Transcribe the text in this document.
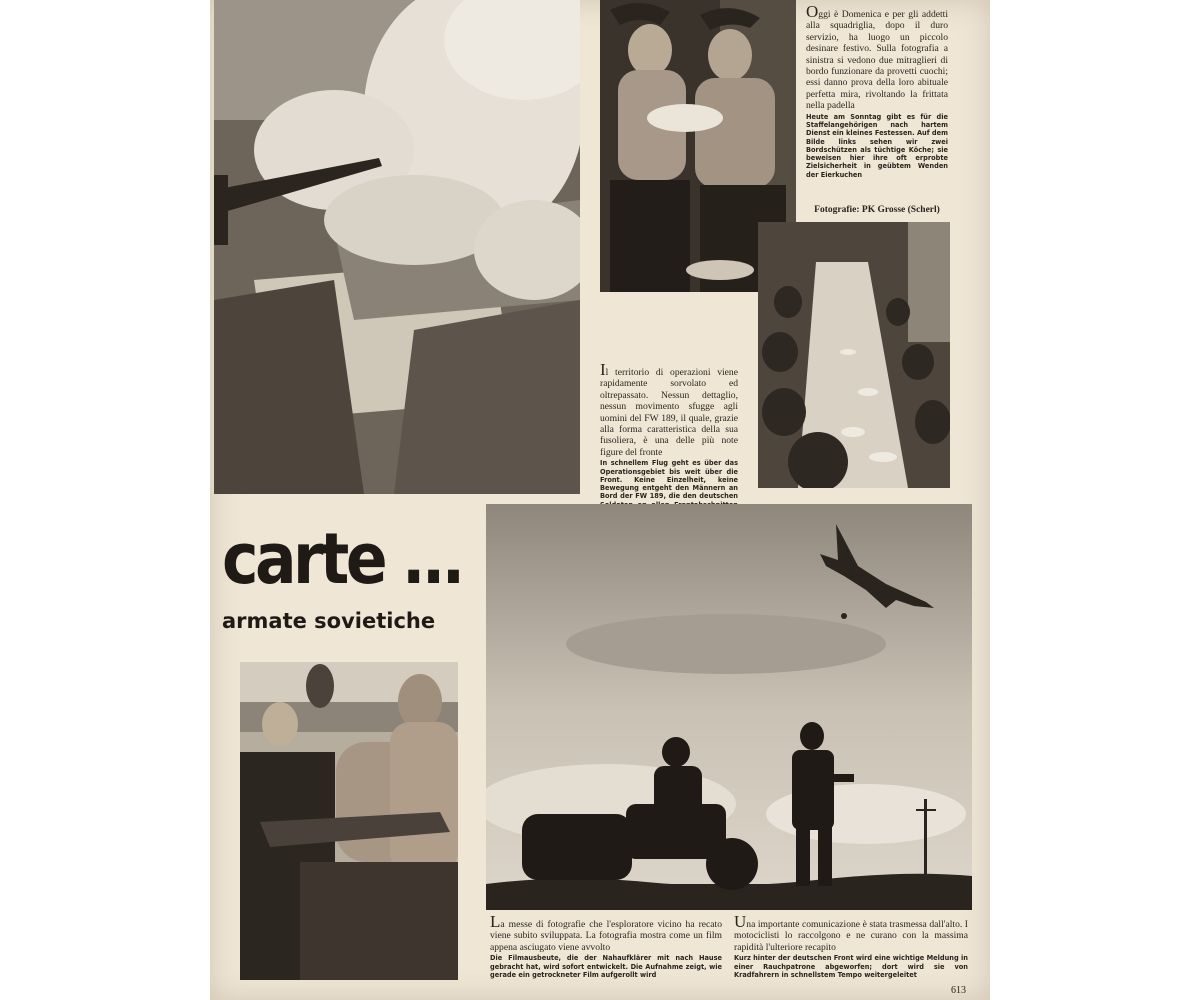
Oggi è Domenica e per gli addetti alla squadriglia, dopo il duro servizio, ha luogo un piccolo desinare festivo. Sulla fotografia a sinistra si vedono due mitraglieri di bordo funzionare da provetti cuochi; essi danno prova della loro abituale perfetta mira, rivoltando la frittata nella padella
Heute am Sonntag gibt es für die Staffelangehörigen nach hartem Dienst ein kleines Festessen. Auf dem Bilde links sehen wir zwei Bordschützen als tüchtige Köche; sie beweisen hier ihre oft erprobte Zielsicherheit in geübtem Wenden der Eierkuchen
Fotografie: PK Grosse (Scherl)
Il territorio di operazioni viene rapidamente sorvolato ed oltrepassato. Nessun dettaglio, nessun movimento sfugge agli uomini del FW 189, il quale, grazie alla forma caratteristica della sua fusoliera, è una delle più note figure del fronte
In schnellem Flug geht es über das Operationsgebiet bis weit über die Front. Keine Einzelheit, keine Bewegung entgeht den Männern an Bord der FW 189, die den deutschen
carte ...
armate sovietiche
La messe di fotografie che l'esploratore vicino ha recato viene subito sviluppata. La fotografia mostra come un film appena asciugato viene avvolto
Die Filmausbeute, die der Nahaufklärer mit nach Hause gebracht hat, wird sofort entwickelt. Die Aufnahme zeigt, wie gerade ein getrockneter Film aufgerollt wird
Una importante comunicazione è stata trasmessa dall'alto. I motociclisti lo raccolgono e ne curano con la massima rapidità l'ulteriore recapito
Kurz hinter der deutschen Front wird eine wichtige Meldung in einer Rauchpatrone abgeworfen; dort wird sie von Kradfahrern in schnellstem Tempo weitergeleitet
613
